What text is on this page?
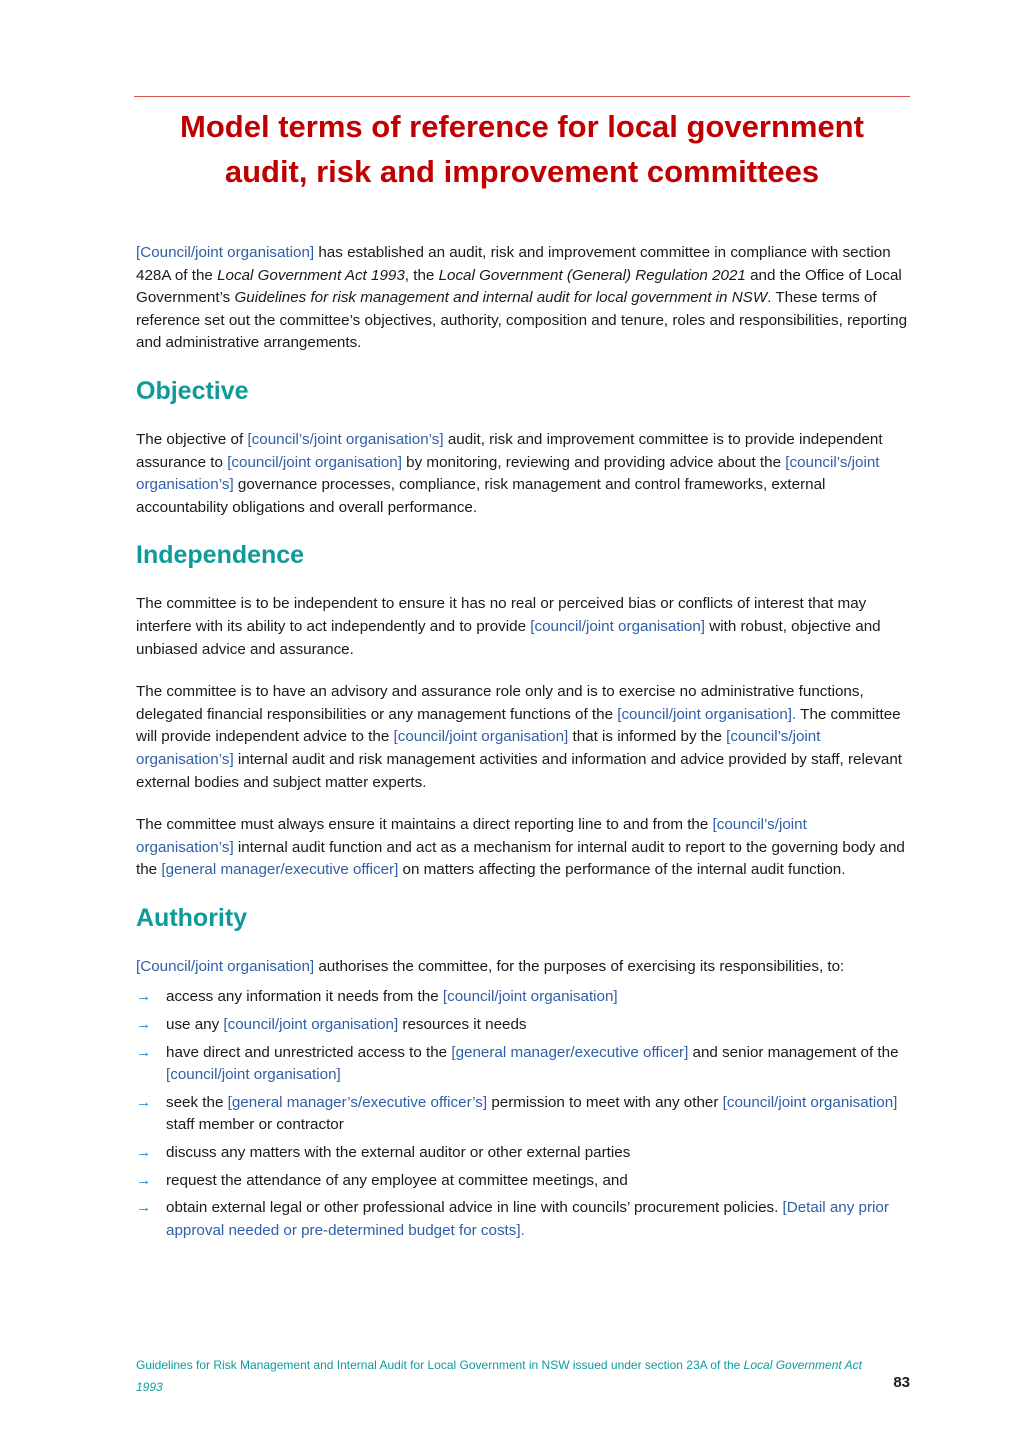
Model terms of reference for local government
audit, risk and improvement committees

[Council/joint organisation] has established an audit, risk and improvement committee in compliance with section 428A of the Local Government Act 1993, the Local Government (General) Regulation 2021 and the Office of Local Government’s Guidelines for risk management and internal audit for local government in NSW. These terms of reference set out the committee’s objectives, authority, composition and tenure, roles and responsibilities, reporting and administrative arrangements.

Objective

The objective of [council’s/joint organisation’s] audit, risk and improvement committee is to provide independent assurance to [council/joint organisation] by monitoring, reviewing and providing advice about the [council’s/joint organisation’s] governance processes, compliance, risk management and control frameworks, external accountability obligations and overall performance.

Independence

The committee is to be independent to ensure it has no real or perceived bias or conflicts of interest that may interfere with its ability to act independently and to provide [council/joint organisation] with robust, objective and unbiased advice and assurance.

The committee is to have an advisory and assurance role only and is to exercise no administrative functions, delegated financial responsibilities or any management functions of the [council/joint organisation]. The committee will provide independent advice to the [council/joint organisation] that is informed by the [council’s/joint organisation’s] internal audit and risk management activities and information and advice provided by staff, relevant external bodies and subject matter experts.

The committee must always ensure it maintains a direct reporting line to and from the [council’s/joint organisation’s] internal audit function and act as a mechanism for internal audit to report to the governing body and the [general manager/executive officer] on matters affecting the performance of the internal audit function.

Authority

[Council/joint organisation] authorises the committee, for the purposes of exercising its responsibilities, to:

→ access any information it needs from the [council/joint organisation]
→ use any [council/joint organisation] resources it needs
→ have direct and unrestricted access to the [general manager/executive officer] and senior management of the [council/joint organisation]
→ seek the [general manager’s/executive officer’s] permission to meet with any other [council/joint organisation] staff member or contractor
→ discuss any matters with the external auditor or other external parties
→ request the attendance of any employee at committee meetings, and
→ obtain external legal or other professional advice in line with councils’ procurement policies. [Detail any prior approval needed or pre-determined budget for costs].
Guidelines for Risk Management and Internal Audit for Local Government in NSW issued under section 23A of the Local Government Act 1993	83
